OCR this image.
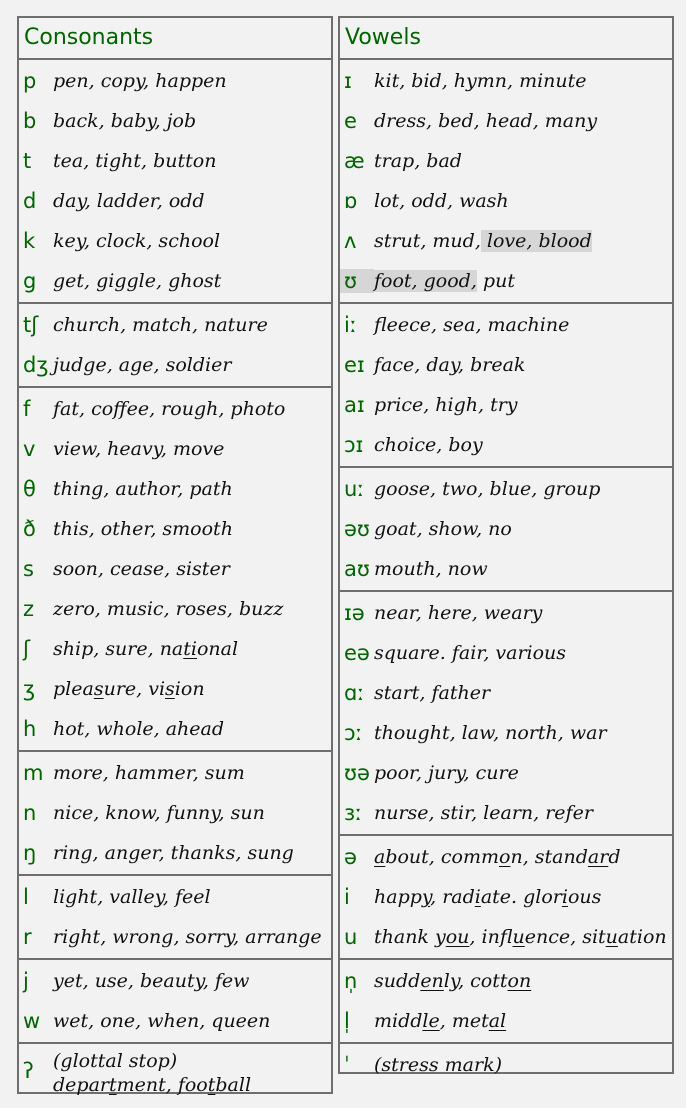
Consonants
p pen, copy, happen
b back, baby, job
t	tea, tight, button
d day, ladder, odd
k key, clock, school
g get, giggle, ghost
tʃ church, match, nature
dʒ judge, age, soldier
f	fat, coffee, rough, photo
v view, heavy, move
θ thing, author, path
ð this, other, smooth
s	soon, cease, sister
z zero, music, roses, buzz
ʃ	ship, sure, national
ʒ pleasure, vision
h hot, whole, ahead
m more, hammer, sum
n nice, know, funny, sun
ŋ ring, anger, thanks, sung
l	light, valley, feel
r	right, wrong, sorry, arrange
j	yet, use, beauty, few
w wet, one, when, queen
ʔ	(glottal stop)
department, football
Vowels
ɪ	kit, bid, hymn, minute
e dress, bed, head, many
æ trap, bad
ɒ lot, odd, wash
ʌ strut, mud, love, blood
ʊ foot, good, put
iː fleece, sea, machine
eɪ face, day, break
aɪ price, high, try
ɔɪ choice, boy
uː goose, two, blue, group
əʊ goat, show, no
aʊ mouth, now
ɪə near, here, weary
eə square. fair, various
ɑː start, father
ɔː thought, law, north, war
ʊə poor, jury, cure
ɜː nurse, stir, learn, refer
ə about, common, standard
i	happy, radiate. glorious
u thank you, influence, situation
n̩ suddenly, cotton
l̩	middle, metal
ˈ	(stress mark)
